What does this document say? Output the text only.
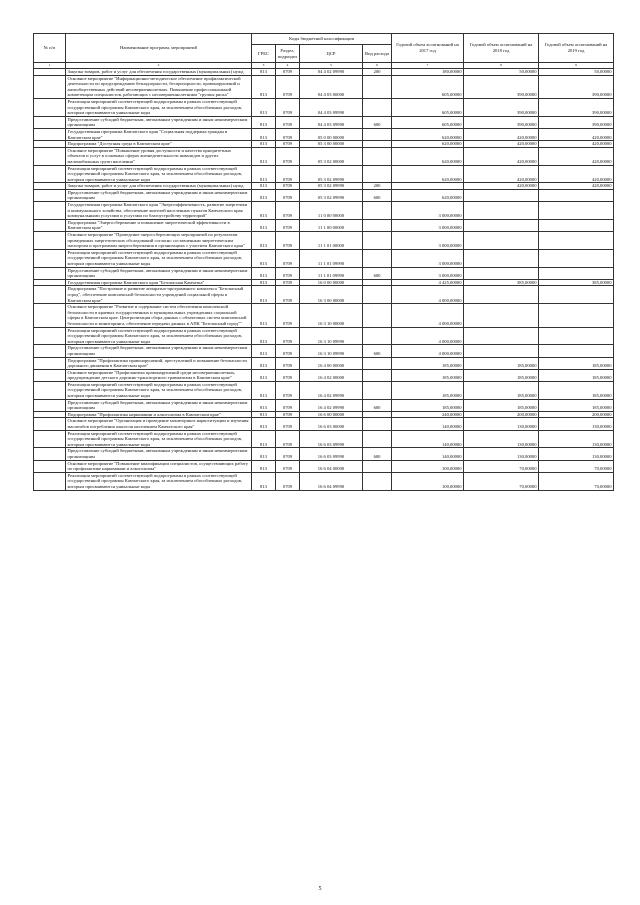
№ п/п	Наименование программ, мероприятий	Коды бюджетной классификации				Годовой объем ассигнований на 2017 год	Годовой объем ассигнований на 2018 год	Годовой объем ассигнований на 2019 год
		ГРБС	Раздел, подраздел	ЦСР	Вид расхода			
1	2	3	4	5	6	7	8	9
	Закупка товаров, работ и услуг для обеспечения государственных (муниципальных) нужд	813	0709	04 4 02 09990	200	180,00000	50,00000	50,00000
	Основное мероприятие "Информационно-методическое обеспечение профилактической деятельности по предупреждению безнадзорности, беспризорности, правонарушений и антиобщественных действий несовершеннолетних. Повышение профессиональной компетенции специалистов, работающих с несовершеннолетними "группы риска"	813	0709	04 4 03 00000		605,00000	390,00000	390,00000
	Реализация мероприятий соответствующей подпрограммы в рамках соответствующей государственной программы Камчатского края, за исключением обособленных расходов, которым присваиваются уникальные коды	813	0709	04 4 03 09990		605,00000	390,00000	390,00000
	Предоставление субсидий бюджетным, автономным учреждениям и иным некоммерческим организациям	813	0709	04 4 03 09990	600	605,00000	390,00000	390,00000
	Государственная программа Камчатского края "Социальная поддержка граждан в Камчатском крае"	813	0709	05 0 00 00000		620,00000	420,00000	420,00000
	Подпрограмма "Доступная среда в Камчатском крае"	813	0709	05 3 00 00000		620,00000	420,00000	420,00000
	Основное мероприятие "Повышение уровня доступности и качества приоритетных объектов и услуг в основных сферах жизнедеятельности инвалидов и других маломобильных групп населения"	813	0709	05 3 02 00000		620,00000	420,00000	420,00000
	Реализация мероприятий соответствующей подпрограммы в рамках соответствующей государственной программы Камчатского края, за исключением обособленных расходов, которым присваиваются уникальные коды	813	0709	05 3 02 09990		620,00000	420,00000	420,00000
	Закупка товаров, работ и услуг для обеспечения государственных (муниципальных) нужд	813	0709	05 3 02 09990	200		420,00000	420,00000
	Предоставление субсидий бюджетным, автономным учреждениям и иным некоммерческим организациям	813	0709	05 3 02 09990	600	620,00000		
	Государственная программа Камчатского края "Энергоэффективность, развитие энергетики и коммунального хозяйства, обеспечение жителей населенных пунктов Камчатского края коммунальными услугами и услугами по благоустройству территорий"	813	0709	11 0 00 00000		3 000,00000		
	Подпрограмма "Энергосбережение и повышение энергетической эффективности в Камчатском крае"	813	0709	11 1 00 00000		3 000,00000		
	Основное мероприятие "Проведение энергосберегающих мероприятий по результатам проведенных энергетических обследований согласно составленным энергетическим паспортам и программам энергосбережения в организациях с участием Камчатского края"	813	0709	11 1 01 00000		3 000,00000		
	Реализация мероприятий соответствующей подпрограммы в рамках соответствующей государственной программы Камчатского края, за исключением обособленных расходов, которым присваиваются уникальные коды	813	0709	11 1 01 09990		3 000,00000		
	Предоставление субсидий бюджетным, автономным учреждениям и иным некоммерческим организациям	813	0709	11 1 01 09990	600	3 000,00000		
	Государственная программа Камчатского края "Безопасная Камчатка"	813	0709	16 0 00 00000		4 425,00000	385,00000	385,00000
	Подпрограмма "Построение и развитие аппаратно-программного комплекса "Безопасный город", обеспечение комплексной безопасности учреждений социальной сферы в Камчатском крае"	813	0709	16 3 00 00000		4 000,00000		
	Основное мероприятие "Развитие и содержание систем обеспечения комплексной безопасности в краевых государственных и муниципальных учреждениях социальной сферы в Камчатском крае. Центрилизация сбора данных с объектовых систем комплексной безопасности и мониторинга, обеспечение передачи данных в АПК "Безопасный город""	813	0709	16 3 10 00000		4 000,00000		
	Реализация мероприятий соответствующей подпрограммы в рамках соответствующей государственной программы Камчатского края, за исключением обособленных расходов, которым присваиваются уникальные коды	813	0709	16 3 10 09990		4 000,00000		
	Предоставление субсидий бюджетным, автономным учреждениям и иным некоммерческим организациям	813	0709	16 3 10 09990	600	4 000,00000		
	Подпрограмма "Профилактика правонарушений, преступлений и повышение безопасности дорожного движения в Камчатском крае"	813	0709	16 4 00 00000		185,00000	185,00000	185,00000
	Основное мероприятие "Профилактика правонарушений среди несовершеннолетних, предупреждение детского дорожно-транспортного травматизма в Камчатском крае"	813	0709	16 4 02 00000		185,00000	185,00000	185,00000
	Реализация мероприятий соответствующей подпрограммы в рамках соответствующей государственной программы Камчатского края, за исключением обособленных расходов, которым присваиваются уникальные коды	813	0709	16 4 02 09990		185,00000	185,00000	185,00000
	Предоставление субсидий бюджетным, автономным учреждениям и иным некоммерческим организациям	813	0709	16 4 02 09990	600	185,00000	185,00000	185,00000
	Подпрограмма "Профилактика наркомании и алкоголизма в Камчатском крае"	813	0709	16 6 00 00000		240,00000	200,00000	200,00000
	Основное мероприятие "Организация и проведение мониторинга наркоситуации и изучения масштабов потребления алкоголя населением Камчатского края"	813	0709	16 6 03 00000		140,00000	130,00000	130,00000
	Реализация мероприятий соответствующей подпрограммы в рамках соответствующей государственной программы Камчатского края, за исключением обособленных расходов, которым присваиваются уникальные коды	813	0709	16 6 03 09990		140,00000	130,00000	130,00000
	Предоставление субсидий бюджетным, автономным учреждениям и иным некоммерческим организациям	813	0709	16 6 03 09990	600	140,00000	130,00000	130,00000
	Основное мероприятие "Повышение квалификации специалистов, осуществляющих работу по профилактике наркомании и алкоголизма"	813	0709	16 6 04 00000		100,00000	70,00000	70,00000
	Реализация мероприятий соответствующей подпрограммы в рамках соответствующей государственной программы Камчатского края, за исключением обособленных расходов, которым присваиваются уникальные коды	813	0709	16 6 04 09990		100,00000	70,00000	70,00000
5
